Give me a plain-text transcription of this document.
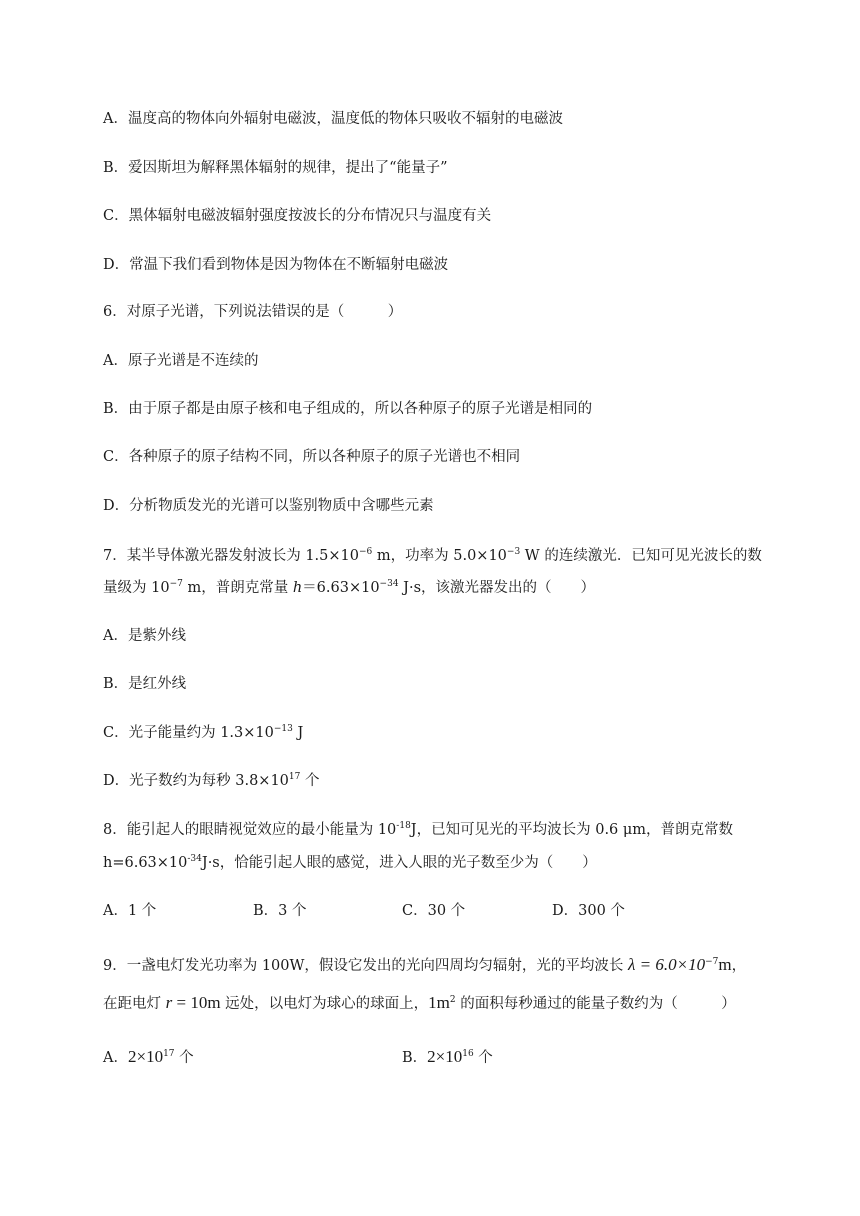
A．温度高的物体向外辐射电磁波，温度低的物体只吸收不辐射的电磁波
B．爱因斯坦为解释黑体辐射的规律，提出了“能量子”
C．黑体辐射电磁波辐射强度按波长的分布情况只与温度有关
D．常温下我们看到物体是因为物体在不断辐射电磁波
6．对原子光谱，下列说法错误的是（　　　）
A．原子光谱是不连续的
B．由于原子都是由原子核和电子组成的，所以各种原子的原子光谱是相同的
C．各种原子的原子结构不同，所以各种原子的原子光谱也不相同
D．分析物质发光的光谱可以鉴别物质中含哪些元素
7．某半导体激光器发射波长为 $1.5\times 10^{-6}$ m，功率为 $5.0\times 10^{-3}$ W 的连续激光．已知可见光波长的数
量级为 $10^{-7}$ m，普朗克常量 $h=6.63\times 10^{-34}$ J·s，该激光器发出的（　　）
A．是紫外线
B．是红外线
C．光子能量约为 $1.3\times 10^{-13}$ J
D．光子数约为每秒 $3.8\times 10^{17}$ 个
8．能引起人的眼睛视觉效应的最小能量为 $10^{-18}J$，已知可见光的平均波长为 0.6 μm，普朗克常数
$h=6.63\times 10^{-34}J\cdot s$，恰能引起人眼的感觉，进入人眼的光子数至少为（　　）
A．1 个	B．3 个	C．30 个	D．300 个
9．一盏电灯发光功率为 100W，假设它发出的光向四周均匀辐射，光的平均波长 $\lambda = 6.0\times 10^{-7}m$，
在距电灯 r = 10m 远处，以电灯为球心的球面上，$1m^2$ 的面积每秒通过的能量子数约为（　　　）
A．$2\times 10^{17}$ 个	B．$2\times 10^{16}$ 个
